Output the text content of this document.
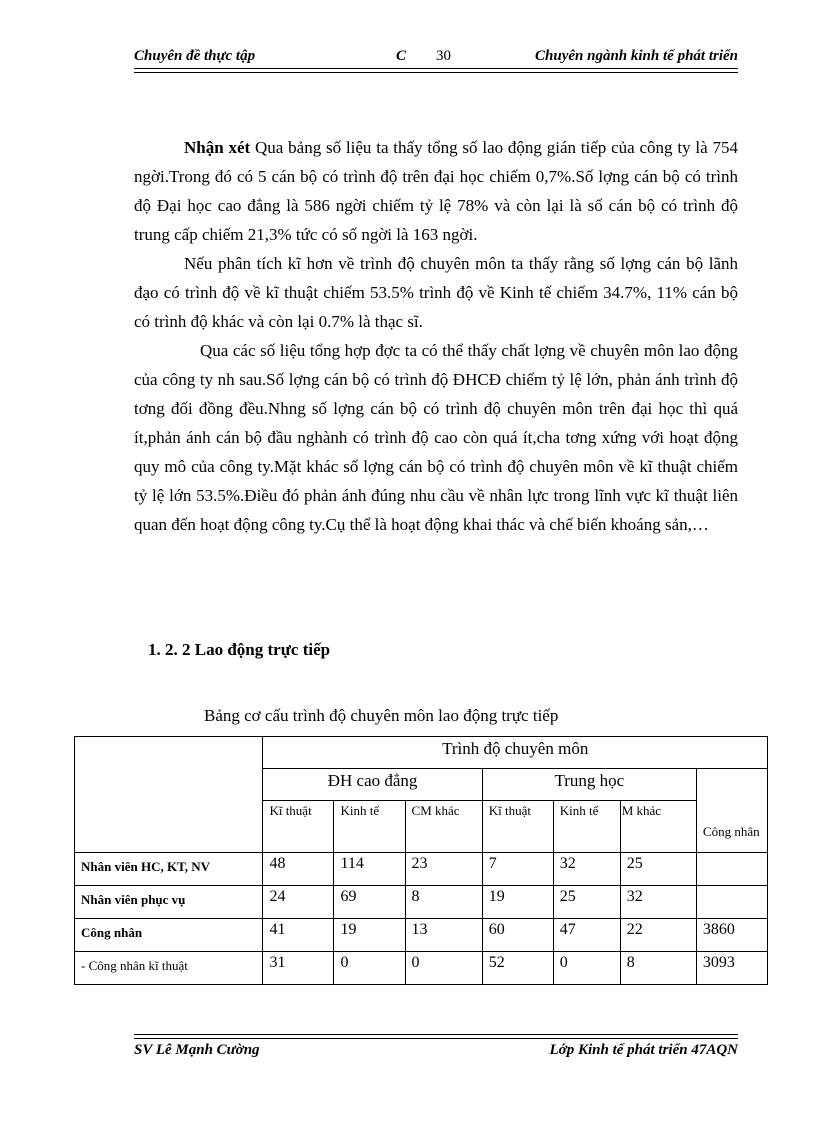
Chuyên đề thực tập	C 30	Chuyên ngành kinh tế phát triển

Nhận xét Qua bảng số liệu ta thấy tổng số lao động gián tiếp của công ty là 754 ngời.Trong đó có 5 cán bộ có trình độ trên đại học chiếm 0,7%.Số lợng cán bộ có trình độ Đại học cao đẳng là 586 ngời chiếm tỷ lệ 78% và còn lại là số cán bộ có trình độ trung cấp chiếm 21,3% tức có số ngời là 163 ngời.

Nếu phân tích kĩ hơn về trình độ chuyên môn ta thấy rằng số lợng cán bộ lãnh đạo có trình độ về kĩ thuật chiếm 53.5% trình độ về Kinh tế chiếm 34.7%, 11% cán bộ có trình độ khác và còn lại 0.7% là thạc sĩ.

Qua các số liệu tổng hợp đợc ta có thể thấy chất lợng về chuyên môn lao động của công ty nh sau.Số lợng cán bộ có trình độ ĐHCĐ chiếm tỷ lệ lớn, phản ánh trình độ tơng đối đồng đều.Nhng số lợng cán bộ có trình độ chuyên môn trên đại học thì quá ít,phản ánh cán bộ đầu nghành có trình độ cao còn quá ít,cha tơng xứng với hoạt động quy mô của công ty.Mặt khác số lợng cán bộ có trình độ chuyên môn về kĩ thuật chiếm tỷ lệ lớn 53.5%.Điều đó phản ánh đúng nhu cầu về nhân lực trong lĩnh vực kĩ thuật liên quan đến hoạt động công ty.Cụ thể là hoạt động khai thác và chế biến khoáng sản,…

1. 2. 2 Lao động trực tiếp
Bảng cơ cấu trình độ chuyên môn lao động trực tiếp
	Trình độ chuyên môn						
	ĐH cao đẳng			Trung học			Công nhân
	Kĩ thuật	Kinh tế	CM khác	Kĩ thuật	Kinh tế	M khác	
Nhân viên HC, KT, NV	48	114	23	7	32	25	
Nhân viên phục vụ	24	69	8	19	25	32	
Công nhân	41	19	13	60	47	22	3860
- Công nhân kĩ thuật	31	0	0	52	0	8	3093
SV Lê Mạnh Cường	Lớp Kinh tế phát triển 47AQN
